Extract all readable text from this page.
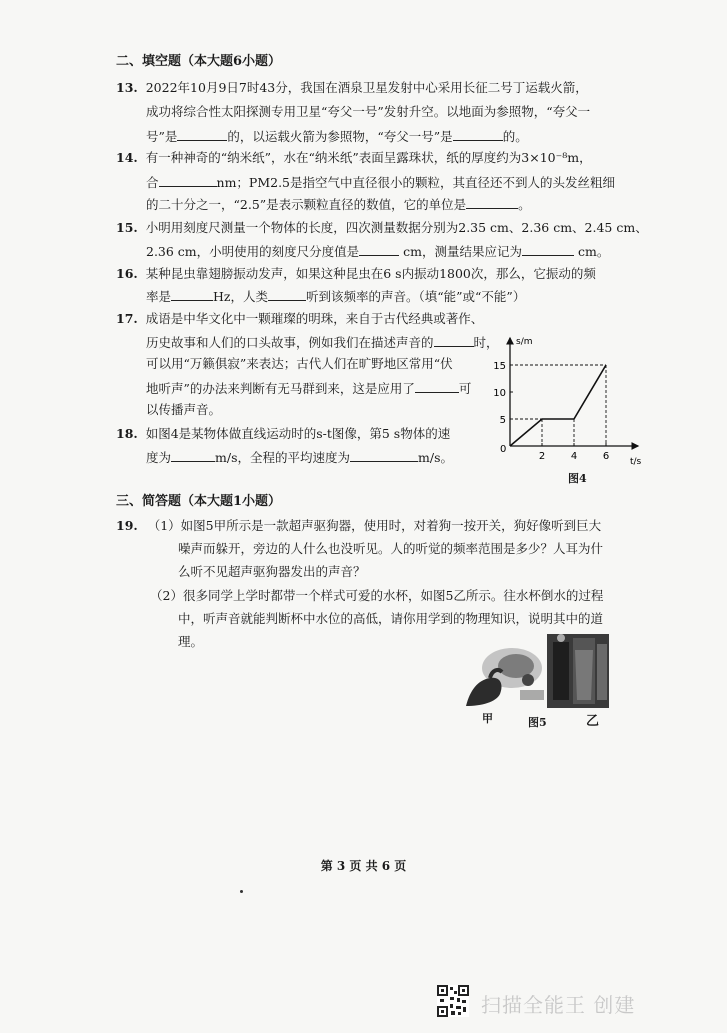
二、填空题（本大题6小题）
13. 2022年10月9日7时43分，我国在酒泉卫星发射中心采用长征二号丁运载火箭，
成功将综合性太阳探测专用卫星“夸父一号”发射升空。以地面为参照物，“夸父一
号”是	的，以运载火箭为参照物，“夸父一号”是	的。
14. 有一种神奇的“纳米纸”，水在“纳米纸”表面呈露珠状，纸的厚度约为3×10⁻⁸m，
合	nm；PM2.5是指空气中直径很小的颗粒，其直径还不到人的头发丝粗细
的二十分之一，“2.5”是表示颗粒直径的数值，它的单位是	。
15. 小明用刻度尺测量一个物体的长度，四次测量数据分别为2.35 cm、2.36 cm、2.45 cm、
2.36 cm，小明使用的刻度尺分度值是	cm，测量结果应记为	cm。
16. 某种昆虫靠翅膀振动发声，如果这种昆虫在6 s内振动1800次，那么，它振动的频
率是	Hz，人类	听到该频率的声音。（填“能”或“不能”）
17. 成语是中华文化中一颗璀璨的明珠，来自于古代经典或著作、
历史故事和人们的口头故事，例如我们在描述声音的	时，
可以用“万籁俱寂”来表达；古代人们在旷野地区常用“伏
地听声”的办法来判断有无马群到来，这是应用了	可
以传播声音。
18. 如图4是某物体做直线运动时的s-t图像，第5 s物体的速
度为	m/s，全程的平均速度为	m/s。
s/m
t/s
0
5
10
15
2	4	6
图4
三、简答题（本大题1小题）
19. （1）如图5甲所示是一款超声驱狗器，使用时，对着狗一按开关，狗好像听到巨大
噪声而躲开，旁边的人什么也没听见。人的听觉的频率范围是多少？人耳为什
么听不见超声驱狗器发出的声音？
（2）很多同学上学时都带一个样式可爱的水杯，如图5乙所示。往水杯倒水的过程
中，听声音就能判断杯中水位的高低，请你用学到的物理知识，说明其中的道
理。
甲	图5	乙
第 3 页 共 6 页
扫描全能王 创建
